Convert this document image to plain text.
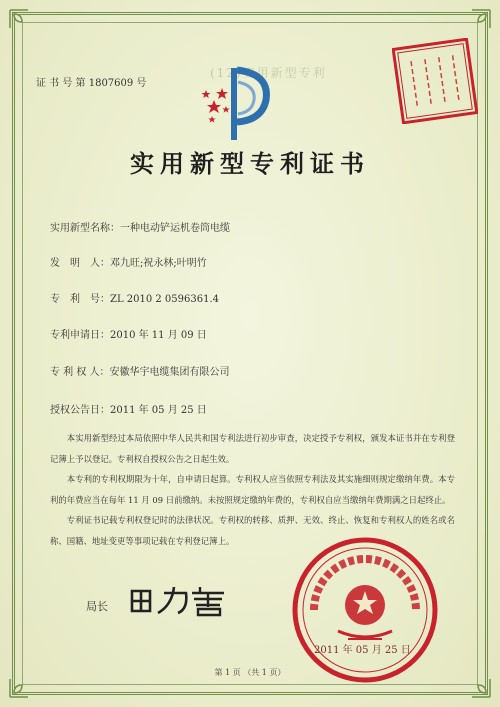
(12)实用新型专利
证 书 号 第 1807609 号
实用新型专利证书
实用新型名称：一种电动铲运机卷筒电缆
发　明　人：邓九旺;祝永林;叶明竹
专　利　号：ZL 2010 2 0596361.4
专利申请日：2010 年 11 月 09 日
专 利 权 人：安徽华宇电缆集团有限公司
授权公告日：2011 年 05 月 25 日

本实用新型经过本局依照中华人民共和国专利法进行初步审查，决定授予专利权，颁发本证书并在专利登记簿上予以登记。专利权自授权公告之日起生效。

本专利的专利权期限为十年，自申请日起算。专利权人应当依照专利法及其实施细则规定缴纳年费。本专利的年费应当在每年 11 月 09 日前缴纳。未按照规定缴纳年费的，专利权自应当缴纳年费期满之日起终止。

专利证书记载专利权登记时的法律状况。专利权的转移、质押、无效、终止、恢复和专利权人的姓名或名称、国籍、地址变更等事项记载在专利登记簿上。

局长
2011 年 05 月 25 日
第 1 页 （共 1 页）
